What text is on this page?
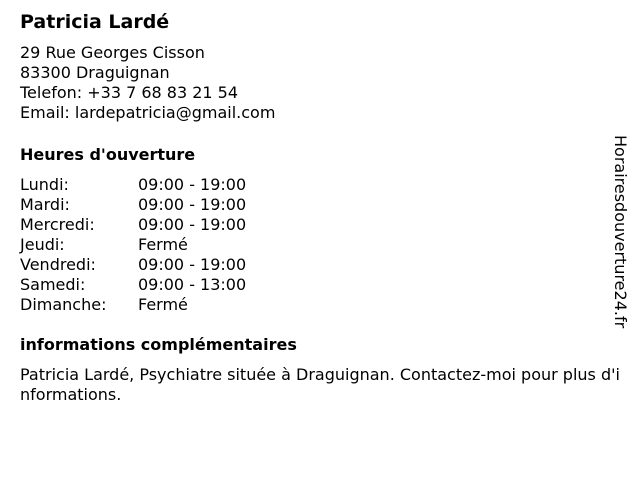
Patricia Lardé
29 Rue Georges Cisson
83300 Draguignan
Telefon: +33 7 68 83 21 54
Email: lardepatricia@gmail.com
Heures d'ouverture
Lundi:	09:00 - 19:00
Mardi:	09:00 - 19:00
Mercredi:	09:00 - 19:00
Jeudi:	Fermé
Vendredi:	09:00 - 19:00
Samedi:	09:00 - 13:00
Dimanche:	Fermé
informations complémentaires
Patricia Lardé, Psychiatre située à Draguignan. Contactez-moi pour plus d'informations.
Horairesdouverture24.fr
